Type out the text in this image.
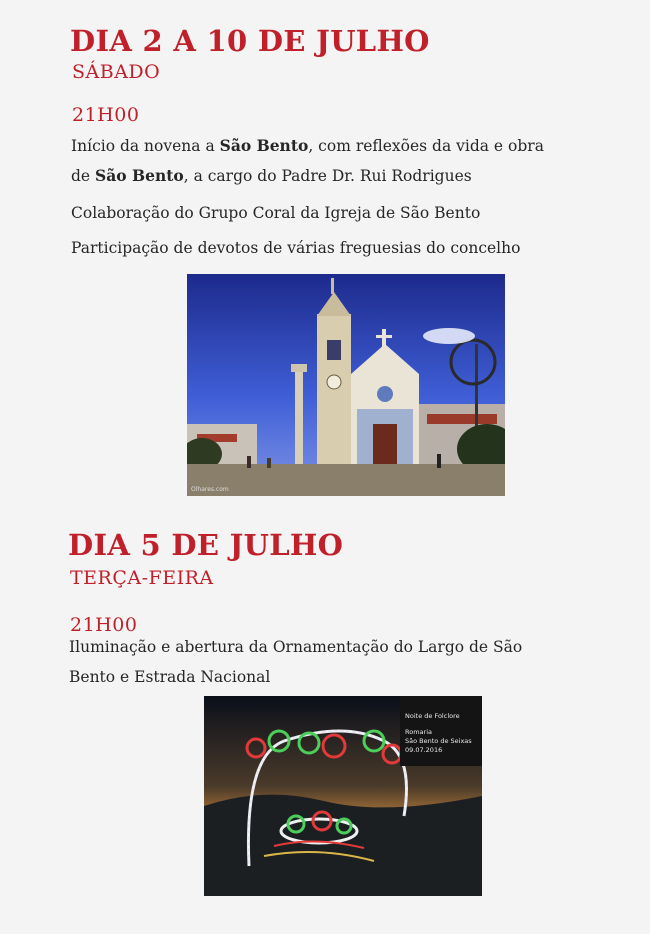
DIA 2 A 10 DE JULHO
SÁBADO
21H00
Início da novena a São Bento, com reflexões da vida e obra
de São Bento, a cargo do Padre Dr. Rui Rodrigues
Colaboração do Grupo Coral da Igreja de São Bento
Participação de devotos de várias freguesias do concelho
Olhares.com
DIA 5 DE JULHO
TERÇA-FEIRA
21H00
Iluminação e abertura da Ornamentação do Largo de São
Bento e Estrada Nacional
Noite de Folclore
Romaria
São Bento de Seixas
09.07.2016
